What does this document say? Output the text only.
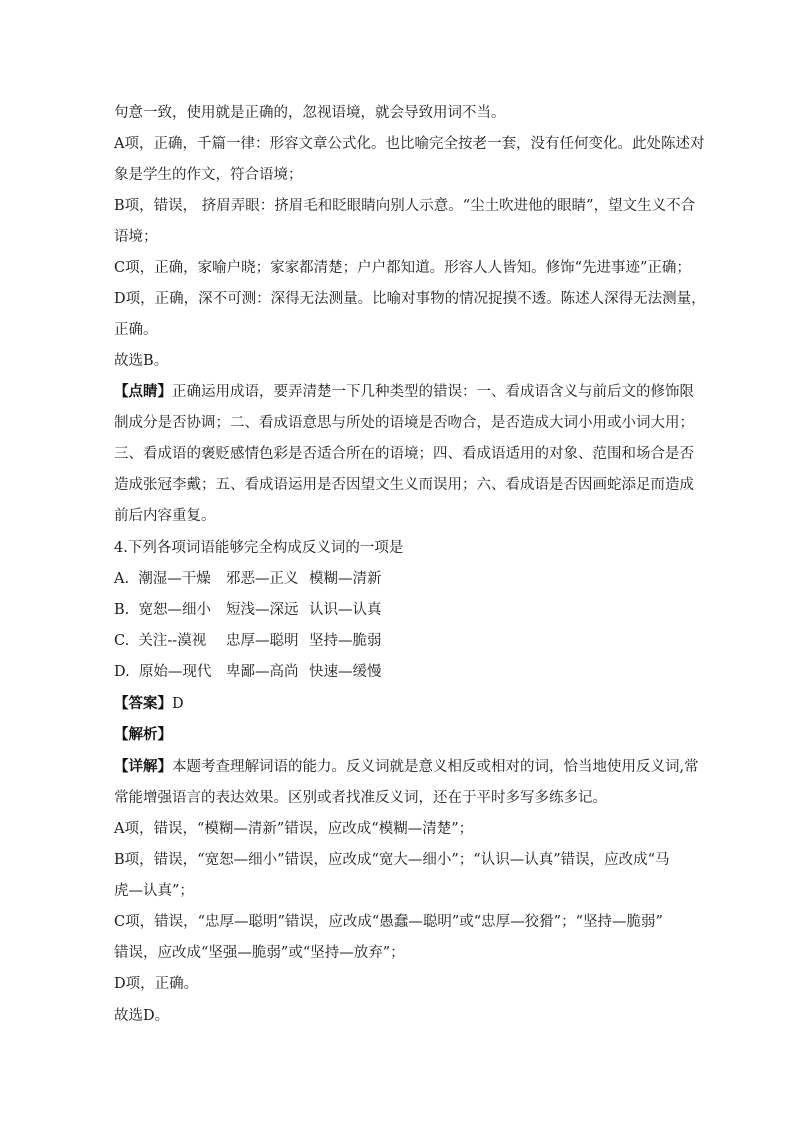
句意一致，使用就是正确的，忽视语境，就会导致用词不当。
A项，正确，千篇一律：形容文章公式化。也比喻完全按老一套，没有任何变化。此处陈述对
象是学生的作文，符合语境；
B项，错误， 挤眉弄眼：挤眉毛和眨眼睛向别人示意。“尘土吹进他的眼睛”，望文生义不合
语境；
C项，正确，家喻户晓；家家都清楚；户户都知道。形容人人皆知。修饰“先进事迹”正确；
D项，正确，深不可测：深得无法测量。比喻对事物的情况捉摸不透。陈述人深得无法测量，
正确。
故选B。
【点睛】正确运用成语，要弄清楚一下几种类型的错误：一、看成语含义与前后文的修饰限
制成分是否协调；二、看成语意思与所处的语境是否吻合，是否造成大词小用或小词大用；
三、看成语的褒贬感情色彩是否适合所在的语境；四、看成语适用的对象、范围和场合是否
造成张冠李戴；五、看成语运用是否因望文生义而误用；六、看成语是否因画蛇添足而造成
前后内容重复。
4.下列各项词语能够完全构成反义词的一项是
A. 潮湿—干燥 邪恶—正义 模糊—清新
B. 宽恕—细小 短浅—深远 认识—认真
C. 关注--漠视 忠厚—聪明 坚持—脆弱
D. 原始—现代 卑鄙—高尚 快速—缓慢
【答案】D
【解析】
【详解】本题考查理解词语的能力。反义词就是意义相反或相对的词，恰当地使用反义词,常
常能增强语言的表达效果。区别或者找准反义词，还在于平时多写多练多记。
A项，错误，“模糊—清新”错误，应改成“模糊—清楚”；
B项，错误，“宽恕—细小”错误，应改成“宽大—细小”；“认识—认真”错误，应改成“马
虎—认真”；
C项，错误，“忠厚—聪明”错误，应改成“愚蠢—聪明”或“忠厚—狡猾”；“坚持—脆弱”
错误，应改成“坚强—脆弱”或“坚持—放弃”；
D项，正确。
故选D。
